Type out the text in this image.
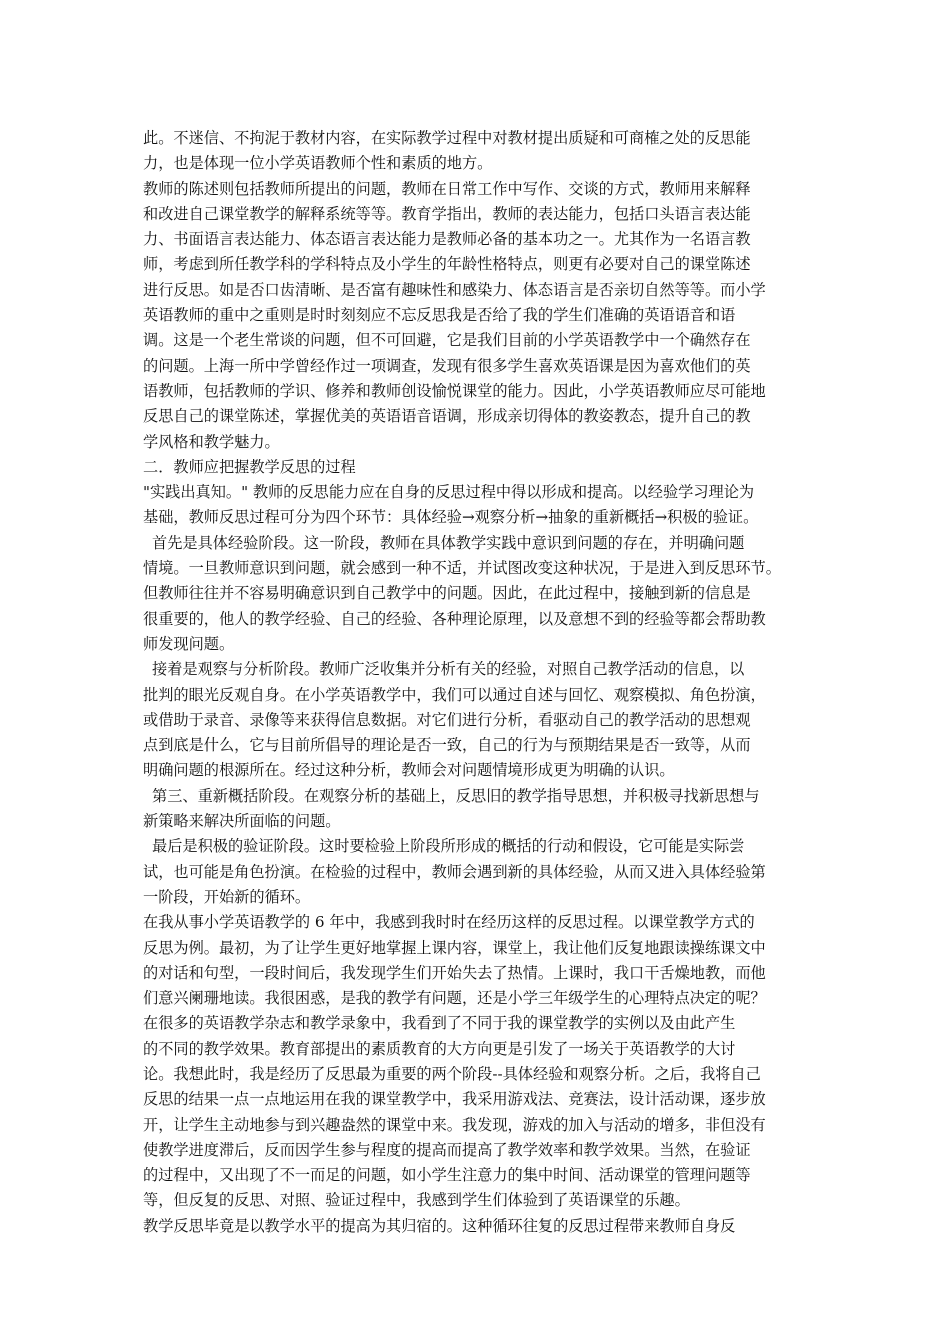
此。不迷信、不拘泥于教材内容，在实际教学过程中对教材提出质疑和可商榷之处的反思能
力，也是体现一位小学英语教师个性和素质的地方。
教师的陈述则包括教师所提出的问题，教师在日常工作中写作、交谈的方式，教师用来解释
和改进自己课堂教学的解释系统等等。教育学指出，教师的表达能力，包括口头语言表达能
力、书面语言表达能力、体态语言表达能力是教师必备的基本功之一。尤其作为一名语言教
师，考虑到所任教学科的学科特点及小学生的年龄性格特点，则更有必要对自己的课堂陈述
进行反思。如是否口齿清晰、是否富有趣味性和感染力、体态语言是否亲切自然等等。而小学
英语教师的重中之重则是时时刻刻应不忘反思我是否给了我的学生们准确的英语语音和语
调。这是一个老生常谈的问题，但不可回避，它是我们目前的小学英语教学中一个确然存在
的问题。上海一所中学曾经作过一项调查，发现有很多学生喜欢英语课是因为喜欢他们的英
语教师，包括教师的学识、修养和教师创设愉悦课堂的能力。因此，小学英语教师应尽可能地
反思自己的课堂陈述，掌握优美的英语语音语调，形成亲切得体的教姿教态，提升自己的教
学风格和教学魅力。
二．教师应把握教学反思的过程
"实践出真知。" 教师的反思能力应在自身的反思过程中得以形成和提高。以经验学习理论为
基础，教师反思过程可分为四个环节：具体经验→观察分析→抽象的重新概括→积极的验证。
首先是具体经验阶段。这一阶段，教师在具体教学实践中意识到问题的存在，并明确问题
情境。一旦教师意识到问题，就会感到一种不适，并试图改变这种状况，于是进入到反思环节。
但教师往往并不容易明确意识到自己教学中的问题。因此，在此过程中，接触到新的信息是
很重要的，他人的教学经验、自己的经验、各种理论原理，以及意想不到的经验等都会帮助教
师发现问题。
接着是观察与分析阶段。教师广泛收集并分析有关的经验，对照自己教学活动的信息，以
批判的眼光反观自身。在小学英语教学中，我们可以通过自述与回忆、观察模拟、角色扮演，
或借助于录音、录像等来获得信息数据。对它们进行分析，看驱动自己的教学活动的思想观
点到底是什么，它与目前所倡导的理论是否一致，自己的行为与预期结果是否一致等，从而
明确问题的根源所在。经过这种分析，教师会对问题情境形成更为明确的认识。
第三、重新概括阶段。在观察分析的基础上，反思旧的教学指导思想，并积极寻找新思想与
新策略来解决所面临的问题。
最后是积极的验证阶段。这时要检验上阶段所形成的概括的行动和假设，它可能是实际尝
试，也可能是角色扮演。在检验的过程中，教师会遇到新的具体经验，从而又进入具体经验第
一阶段，开始新的循环。
在我从事小学英语教学的 6 年中，我感到我时时在经历这样的反思过程。以课堂教学方式的
反思为例。最初，为了让学生更好地掌握上课内容，课堂上，我让他们反复地跟读操练课文中
的对话和句型，一段时间后，我发现学生们开始失去了热情。上课时，我口干舌燥地教，而他
们意兴阑珊地读。我很困惑，是我的教学有问题，还是小学三年级学生的心理特点决定的呢？
在很多的英语教学杂志和教学录象中，我看到了不同于我的课堂教学的实例以及由此产生
的不同的教学效果。教育部提出的素质教育的大方向更是引发了一场关于英语教学的大讨
论。我想此时，我是经历了反思最为重要的两个阶段--具体经验和观察分析。之后，我将自己
反思的结果一点一点地运用在我的课堂教学中，我采用游戏法、竞赛法，设计活动课，逐步放
开，让学生主动地参与到兴趣盎然的课堂中来。我发现，游戏的加入与活动的增多，非但没有
使教学进度滞后，反而因学生参与程度的提高而提高了教学效率和教学效果。当然，在验证
的过程中，又出现了不一而足的问题，如小学生注意力的集中时间、活动课堂的管理问题等
等，但反复的反思、对照、验证过程中，我感到学生们体验到了英语课堂的乐趣。
教学反思毕竟是以教学水平的提高为其归宿的。这种循环往复的反思过程带来教师自身反
